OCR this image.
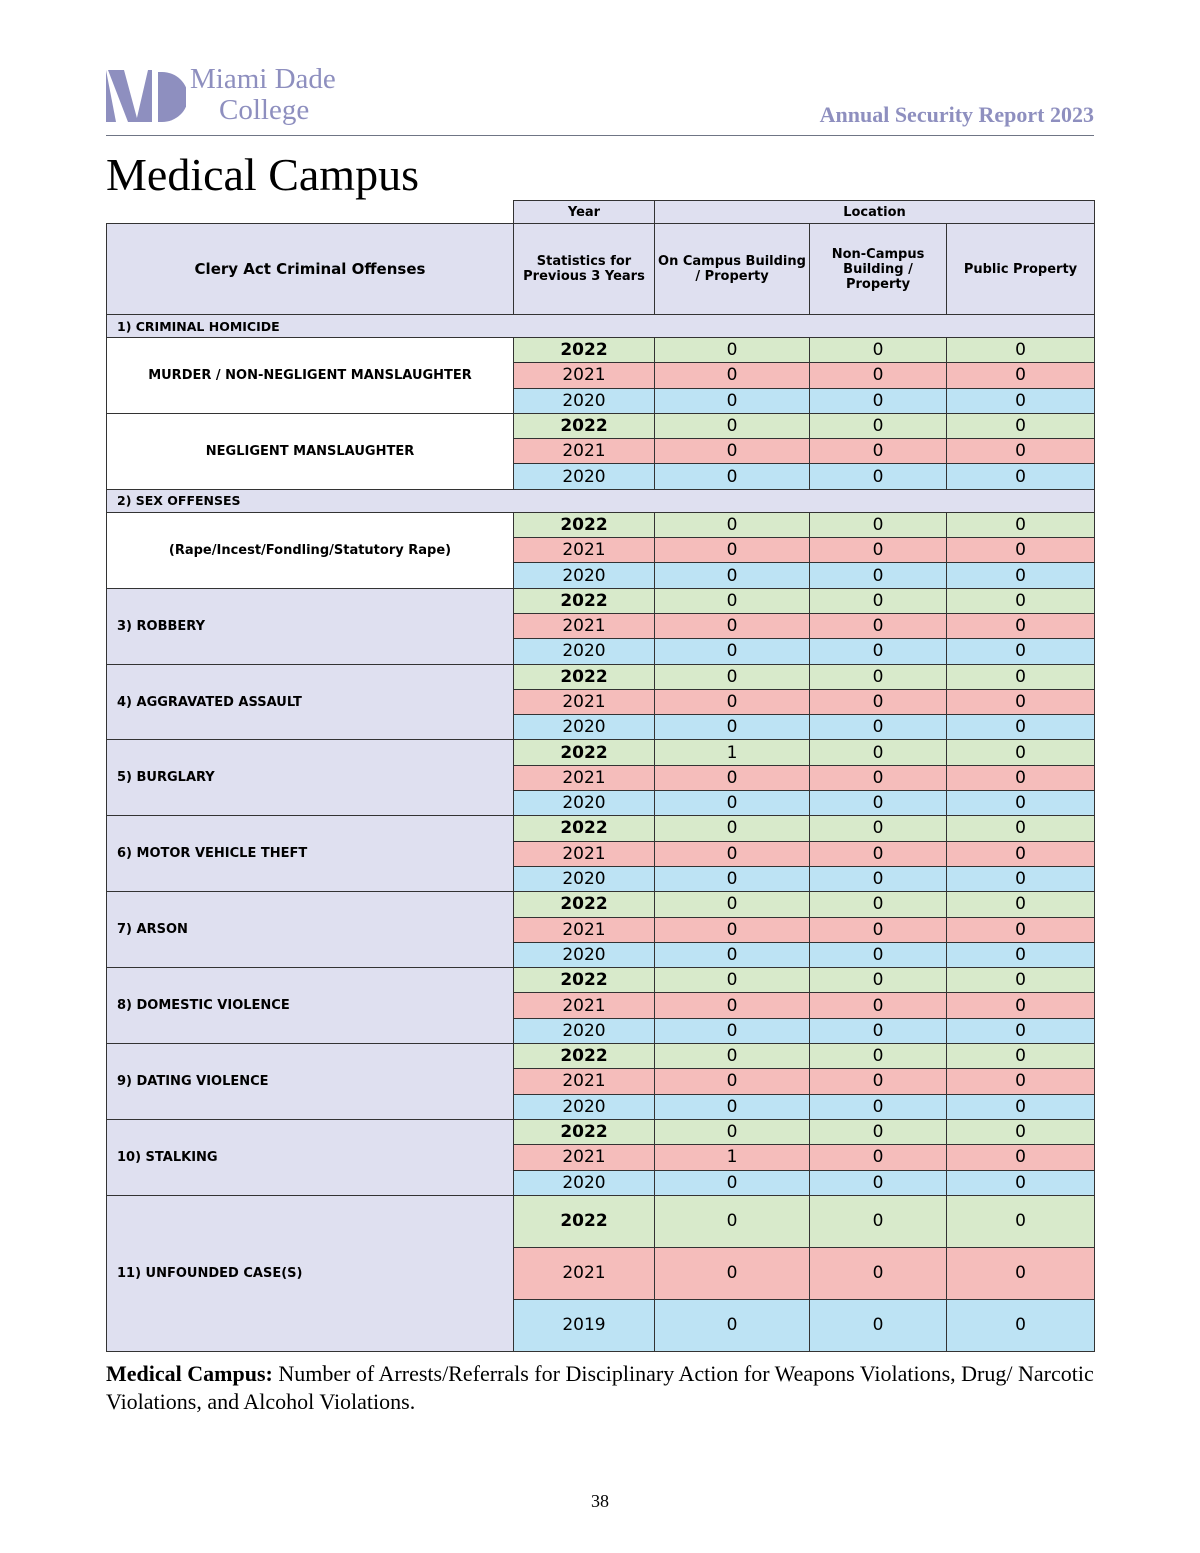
Miami Dade
College	Annual Security Report 2023
Medical Campus
	Year	Location		
Clery Act Criminal Offenses	Statistics for Previous 3 Years	On Campus Building / Property	Non-Campus Building / Property	Public Property
1) CRIMINAL HOMICIDE				
MURDER / NON-NEGLIGENT MANSLAUGHTER	2022	0	0	0
	2021	0	0	0
	2020	0	0	0
NEGLIGENT MANSLAUGHTER	2022	0	0	0
	2021	0	0	0
	2020	0	0	0
2) SEX OFFENSES				
(Rape/Incest/Fondling/Statutory Rape)	2022	0	0	0
	2021	0	0	0
	2020	0	0	0
3) ROBBERY	2022	0	0	0
	2021	0	0	0
	2020	0	0	0
4) AGGRAVATED ASSAULT	2022	0	0	0
	2021	0	0	0
	2020	0	0	0
5) BURGLARY	2022	1	0	0
	2021	0	0	0
	2020	0	0	0
6) MOTOR VEHICLE THEFT	2022	0	0	0
	2021	0	0	0
	2020	0	0	0
7) ARSON	2022	0	0	0
	2021	0	0	0
	2020	0	0	0
8) DOMESTIC VIOLENCE	2022	0	0	0
	2021	0	0	0
	2020	0	0	0
9) DATING VIOLENCE	2022	0	0	0
	2021	0	0	0
	2020	0	0	0
10) STALKING	2022	0	0	0
	2021	1	0	0
	2020	0	0	0
11) UNFOUNDED CASE(S)	2022	0	0	0
	2021	0	0	0
	2019	0	0	0
Medical Campus: Number of Arrests/Referrals for Disciplinary Action for Weapons Violations, Drug/ Narcotic Violations, and Alcohol Violations.
38
